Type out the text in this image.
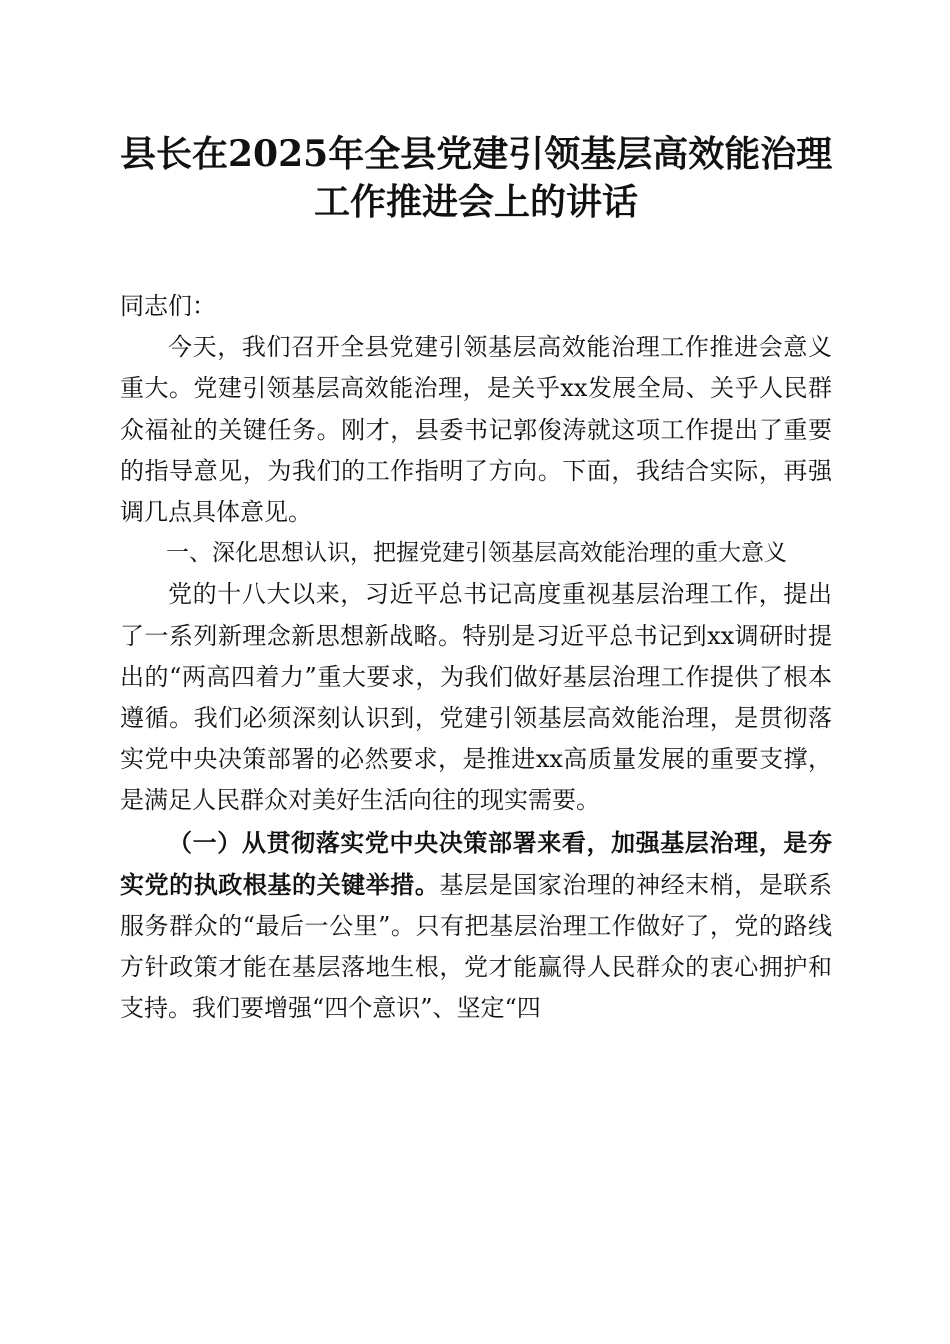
县长在2025年全县党建引领基层高效能治理
工作推进会上的讲话

同志们：

今天，我们召开全县党建引领基层高效能治理工作推进会意义重大。党建引领基层高效能治理，是关乎xx发展全局、关乎人民群众福祉的关键任务。刚才，县委书记郭俊涛就这项工作提出了重要的指导意见，为我们的工作指明了方向。下面，我结合实际，再强调几点具体意见。

一、深化思想认识，把握党建引领基层高效能治理的重大意义

党的十八大以来，习近平总书记高度重视基层治理工作，提出了一系列新理念新思想新战略。特别是习近平总书记到xx调研时提出的“两高四着力”重大要求，为我们做好基层治理工作提供了根本遵循。我们必须深刻认识到，党建引领基层高效能治理，是贯彻落实党中央决策部署的必然要求，是推进xx高质量发展的重要支撑，是满足人民群众对美好生活向往的现实需要。

（一）从贯彻落实党中央决策部署来看，加强基层治理，是夯实党的执政根基的关键举措。基层是国家治理的神经末梢，是联系服务群众的“最后一公里”。只有把基层治理工作做好了，党的路线方针政策才能在基层落地生根，党才能赢得人民群众的衷心拥护和支持。我们要增强“四个意识”、坚定“四
